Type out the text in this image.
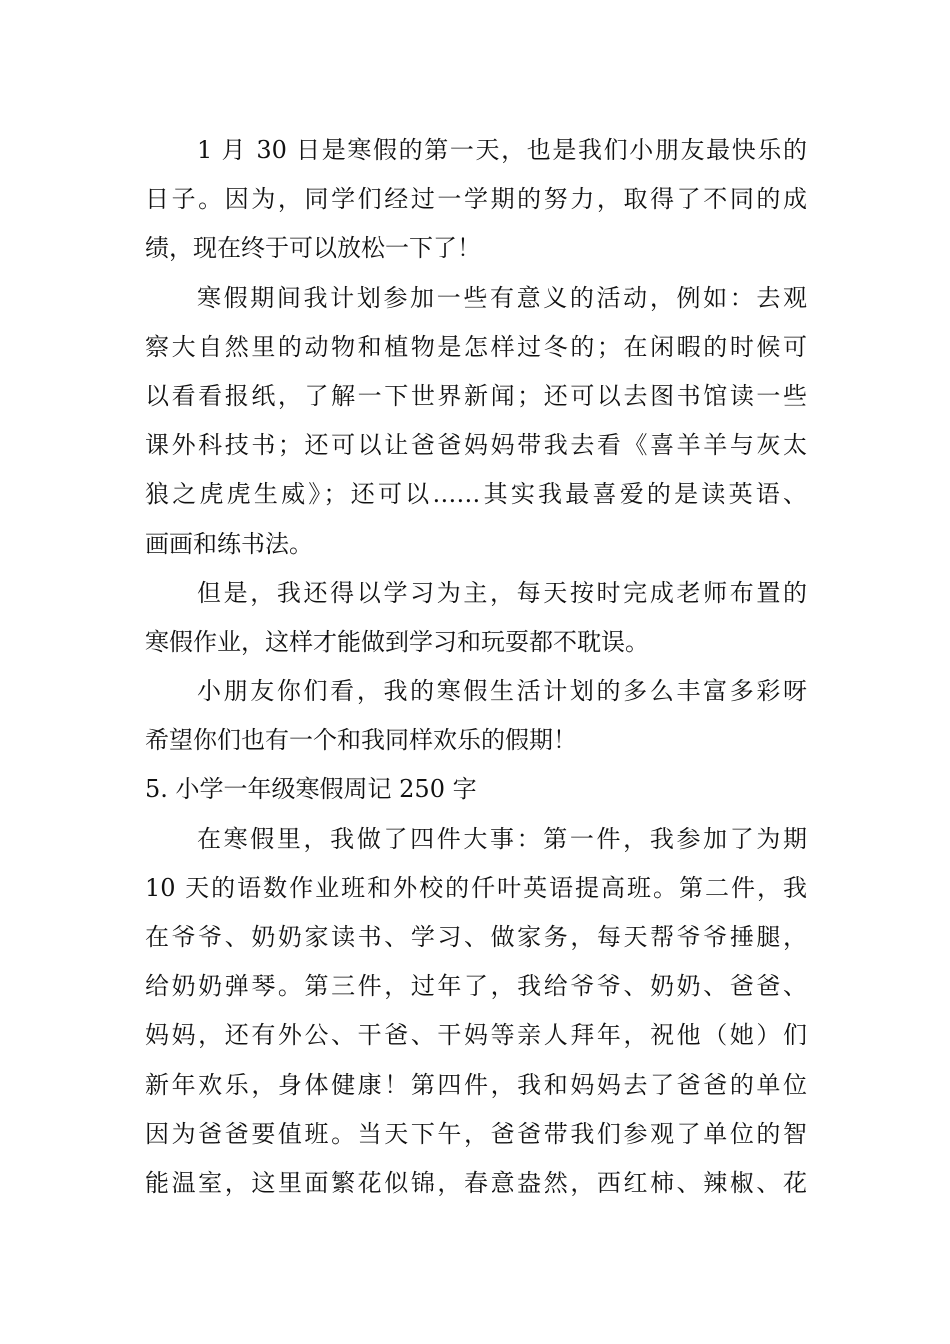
1 月 30 日是寒假的第一天，也是我们小朋友最快乐的
日子。因为，同学们经过一学期的努力，取得了不同的成
绩，现在终于可以放松一下了！
寒假期间我计划参加一些有意义的活动，例如：去观
察大自然里的动物和植物是怎样过冬的；在闲暇的时候可
以看看报纸，了解一下世界新闻；还可以去图书馆读一些
课外科技书；还可以让爸爸妈妈带我去看《喜羊羊与灰太
狼之虎虎生威》；还可以……其实我最喜爱的是读英语、
画画和练书法。
但是，我还得以学习为主，每天按时完成老师布置的
寒假作业，这样才能做到学习和玩耍都不耽误。
小朋友你们看，我的寒假生活计划的多么丰富多彩呀
希望你们也有一个和我同样欢乐的假期！
5. 小学一年级寒假周记 250 字
在寒假里，我做了四件大事：第一件，我参加了为期
10 天的语数作业班和外校的仟叶英语提高班。第二件，我
在爷爷、奶奶家读书、学习、做家务，每天帮爷爷捶腿，
给奶奶弹琴。第三件，过年了，我给爷爷、奶奶、爸爸、
妈妈，还有外公、干爸、干妈等亲人拜年，祝他（她）们
新年欢乐，身体健康！第四件，我和妈妈去了爸爸的单位
因为爸爸要值班。当天下午，爸爸带我们参观了单位的智
能温室，这里面繁花似锦，春意盎然，西红柿、辣椒、花
